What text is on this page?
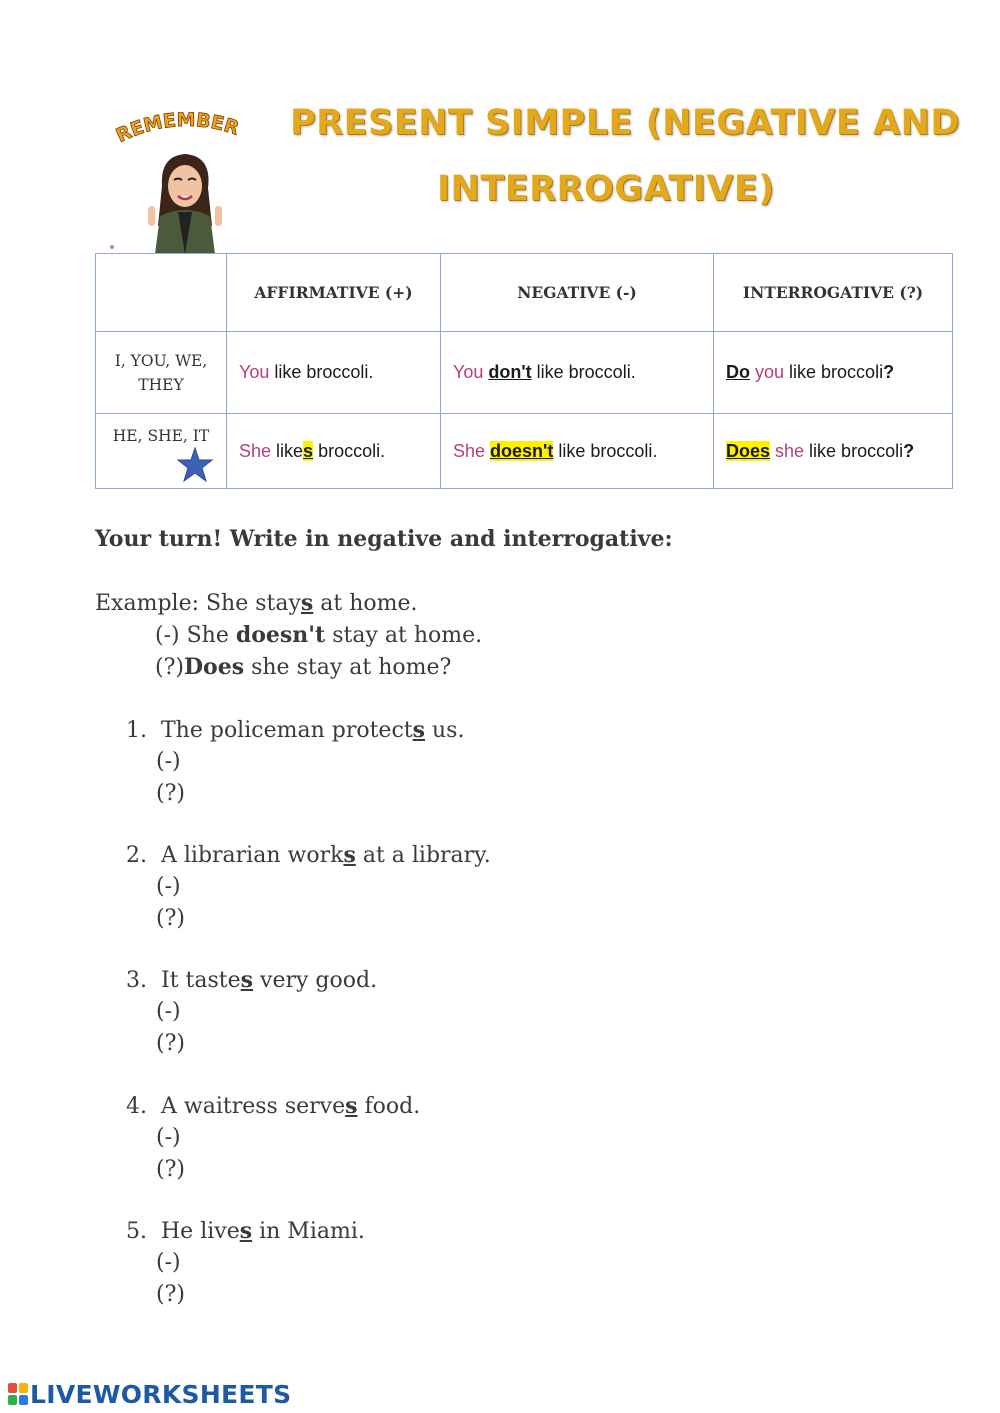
REMEMBER PRESENT SIMPLE (NEGATIVE AND
INTERROGATIVE)
	AFFIRMATIVE (+)	NEGATIVE (-)	INTERROGATIVE (?)
I, YOU, WE, THEY	You like broccoli.	You don't like broccoli.	Do you like broccoli?
HE, SHE, IT	She likes broccoli.	She doesn't like broccoli.	Does she like broccoli?
Your turn! Write in negative and interrogative:
Example: She stays at home.
(-) She doesn't stay at home.
(?)Does she stay at home?
1. The policeman protects us.
(-)
(?)
2. A librarian works at a library.
(-)
(?)
3. It tastes very good.
(-)
(?)
4. A waitress serves food.
(-)
(?)
5. He lives in Miami.
(-)
(?)
LIVEWORKSHEETS
